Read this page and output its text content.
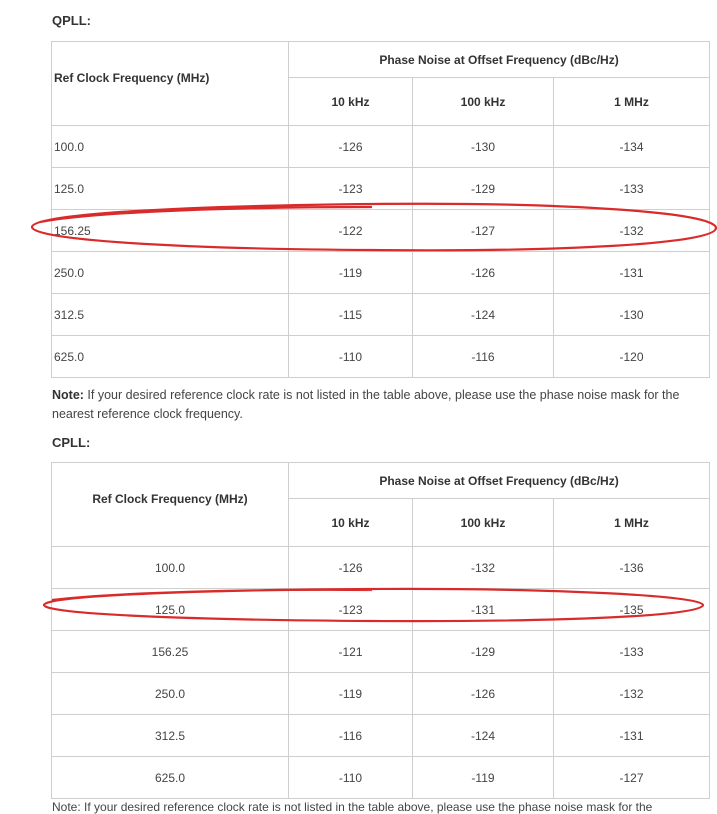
QPLL:
Ref Clock Frequency (MHz)	Phase Noise at Offset Frequency (dBc/Hz)		
	10 kHz	100 kHz	1 MHz
100.0	-126	-130	-134
125.0	-123	-129	-133
156.25	-122	-127	-132
250.0	-119	-126	-131
312.5	-115	-124	-130
625.0	-110	-116	-120
Note: If your desired reference clock rate is not listed in the table above, please use the phase noise mask for the nearest reference clock frequency.
CPLL:
Ref Clock Frequency (MHz)	Phase Noise at Offset Frequency (dBc/Hz)		
	10 kHz	100 kHz	1 MHz
100.0	-126	-132	-136
125.0	-123	-131	-135
156.25	-121	-129	-133
250.0	-119	-126	-132
312.5	-116	-124	-131
625.0	-110	-119	-127
Note: If your desired reference clock rate is not listed in the table above, please use the phase noise mask for the
